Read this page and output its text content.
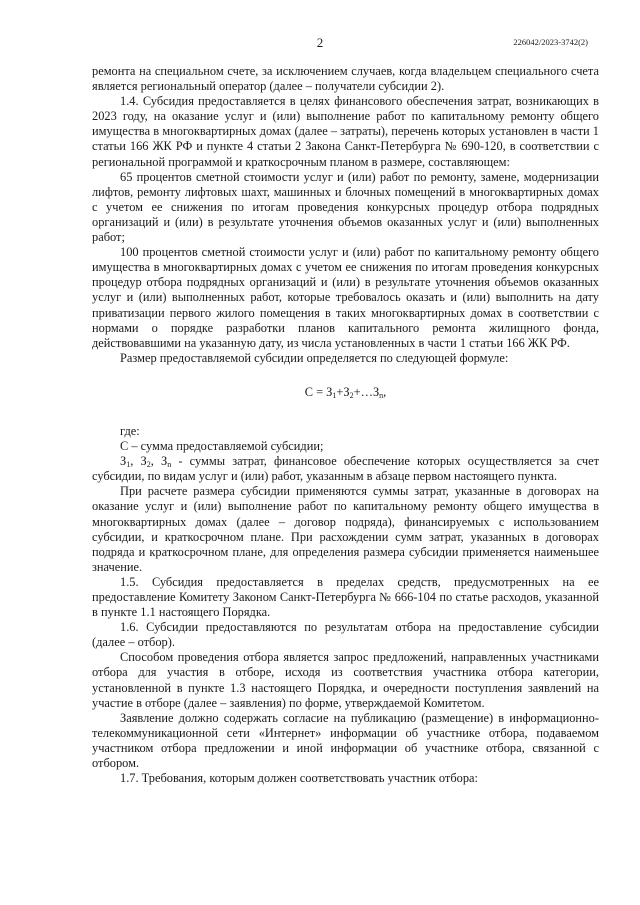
2	226042/2023-3742(2)

ремонта на специальном счете, за исключением случаев, когда владельцем специального счета является региональный оператор (далее – получатели субсидии 2).

1.4. Субсидия предоставляется в целях финансового обеспечения затрат, возникающих в 2023 году, на оказание услуг и (или) выполнение работ по капитальному ремонту общего имущества в многоквартирных домах (далее – затраты), перечень которых установлен в части 1 статьи 166 ЖК РФ и пункте 4 статьи 2 Закона Санкт-Петербурга № 690-120, в соответствии с региональной программой и краткосрочным планом в размере, составляющем:

65 процентов сметной стоимости услуг и (или) работ по ремонту, замене, модернизации лифтов, ремонту лифтовых шахт, машинных и блочных помещений в многоквартирных домах с учетом ее снижения по итогам проведения конкурсных процедур отбора подрядных организаций и (или) в результате уточнения объемов оказанных услуг и (или) выполненных работ;

100 процентов сметной стоимости услуг и (или) работ по капитальному ремонту общего имущества в многоквартирных домах с учетом ее снижения по итогам проведения конкурсных процедур отбора подрядных организаций и (или) в результате уточнения объемов оказанных услуг и (или) выполненных работ, которые требовалось оказать и (или) выполнить на дату приватизации первого жилого помещения в таких многоквартирных домах в соответствии с нормами о порядке разработки планов капитального ремонта жилищного фонда, действовавшими на указанную дату, из числа установленных в части 1 статьи 166 ЖК РФ.

Размер предоставляемой субсидии определяется по следующей формуле:

$С = З_1+З_2+\dots З_n$,

где:

С – сумма предоставляемой субсидии;

$З_1$, $З_2$, $З_n$ - суммы затрат, финансовое обеспечение которых осуществляется за счет субсидии, по видам услуг и (или) работ, указанным в абзаце первом настоящего пункта.

При расчете размера субсидии применяются суммы затрат, указанные в договорах на оказание услуг и (или) выполнение работ по капитальному ремонту общего имущества в многоквартирных домах (далее – договор подряда), финансируемых с использованием субсидии, и краткосрочном плане. При расхождении сумм затрат, указанных в договорах подряда и краткосрочном плане, для определения размера субсидии применяется наименьшее значение.

1.5. Субсидия предоставляется в пределах средств, предусмотренных на ее предоставление Комитету Законом Санкт-Петербурга № 666-104 по статье расходов, указанной в пункте 1.1 настоящего Порядка.

1.6. Субсидии предоставляются по результатам отбора на предоставление субсидии (далее – отбор).

Способом проведения отбора является запрос предложений, направленных участниками отбора для участия в отборе, исходя из соответствия участника отбора категории, установленной в пункте 1.3 настоящего Порядка, и очередности поступления заявлений на участие в отборе (далее – заявления) по форме, утверждаемой Комитетом.

Заявление должно содержать согласие на публикацию (размещение) в информационно-телекоммуникационной сети «Интернет» информации об участнике отбора, подаваемом участником отбора предложении и иной информации об участнике отбора, связанной с отбором.

1.7. Требования, которым должен соответствовать участник отбора:
